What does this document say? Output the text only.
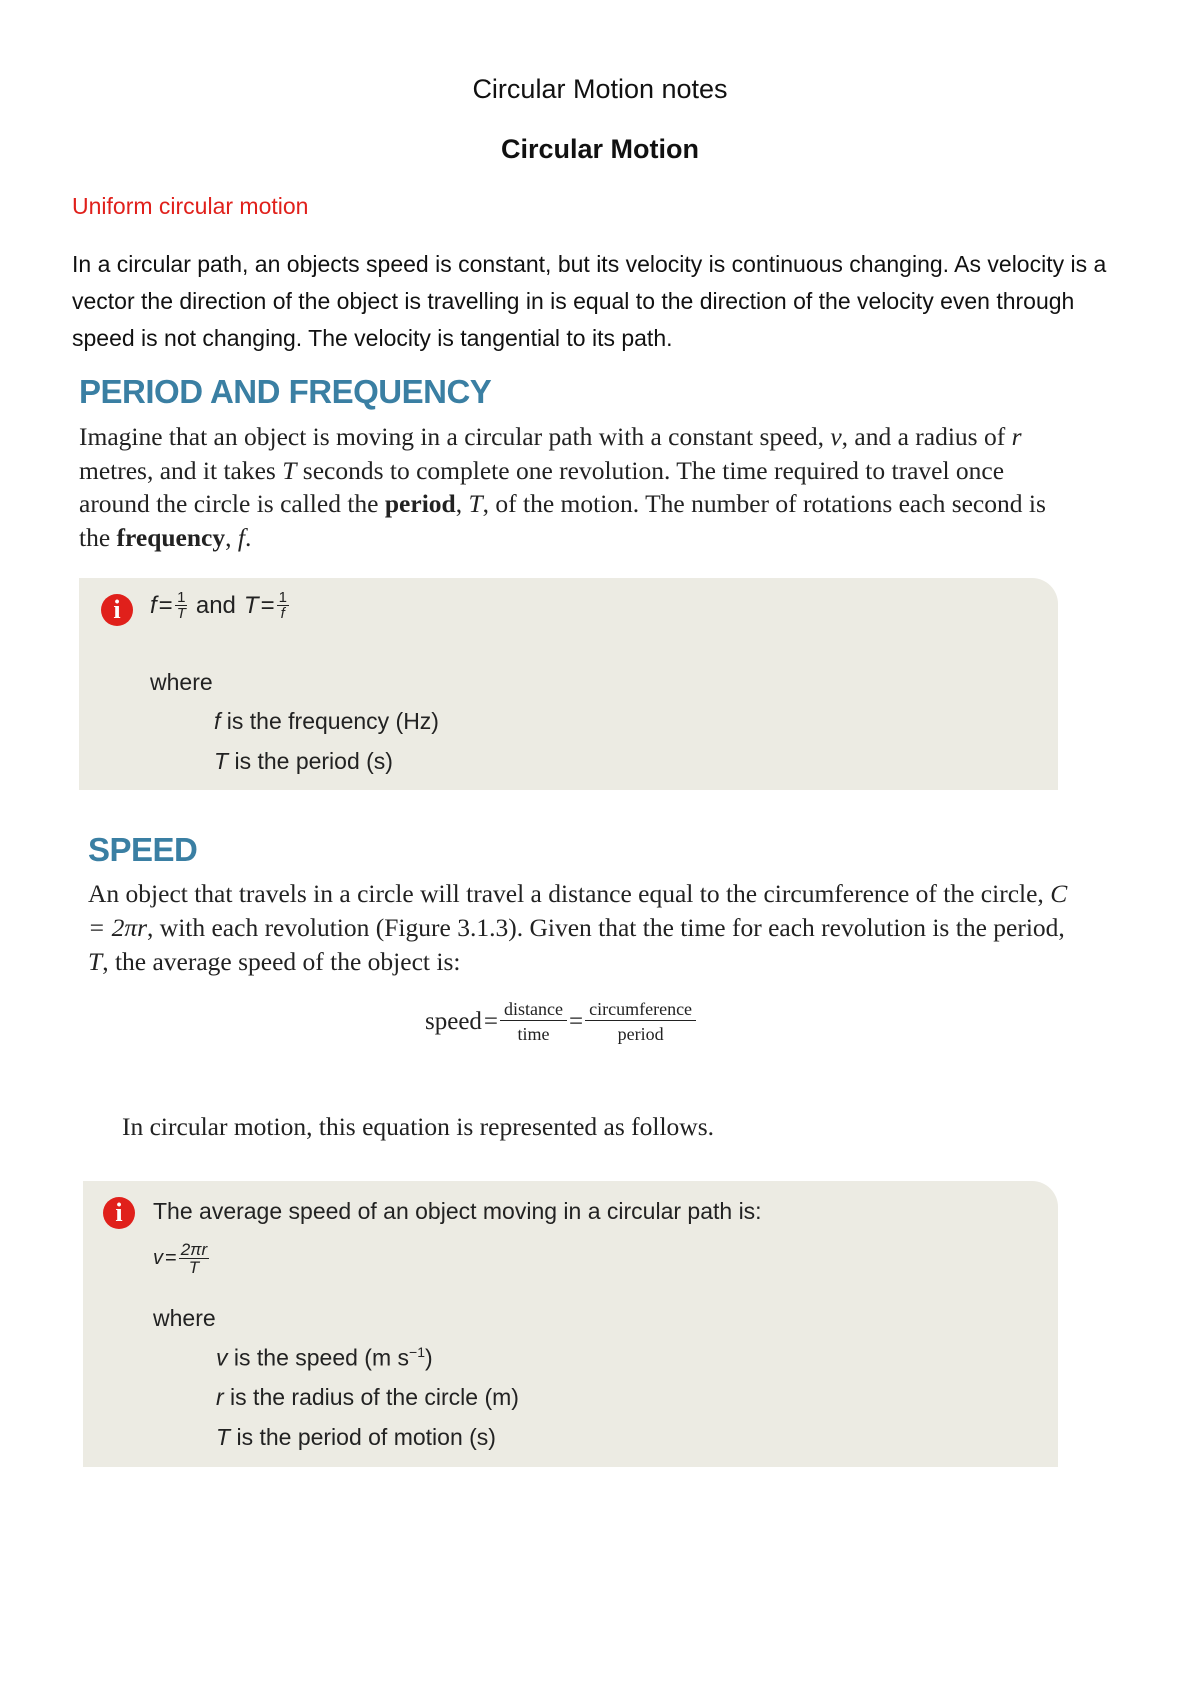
Circular Motion notes
Circular Motion
Uniform circular motion
In a circular path, an objects speed is constant, but its velocity is continuous changing. As velocity is a vector the direction of the object is travelling in is equal to the direction of the velocity even through speed is not changing. The velocity is tangential to its path.
PERIOD AND FREQUENCY
Imagine that an object is moving in a circular path with a constant speed, v, and a radius of r metres, and it takes T seconds to complete one revolution. The time required to travel once around the circle is called the period, T, of the motion. The number of rotations each second is the frequency, f.
i	$f = \frac{1}{T}$ and $T = \frac{1}{f}$
where
f is the frequency (Hz)
T is the period (s)
SPEED
An object that travels in a circle will travel a distance equal to the circumference of the circle, C = 2πr, with each revolution (Figure 3.1.3). Given that the time for each revolution is the period, T, the average speed of the object is:
speed = $\frac{\text{distance}}{\text{time}} = \frac{\text{circumference}}{\text{period}}$
In circular motion, this equation is represented as follows.
i	The average speed of an object moving in a circular path is:
$v = \frac{2\pi r}{T}$
where
v is the speed (m $s^{-1}$)
r is the radius of the circle (m)
T is the period of motion (s)
